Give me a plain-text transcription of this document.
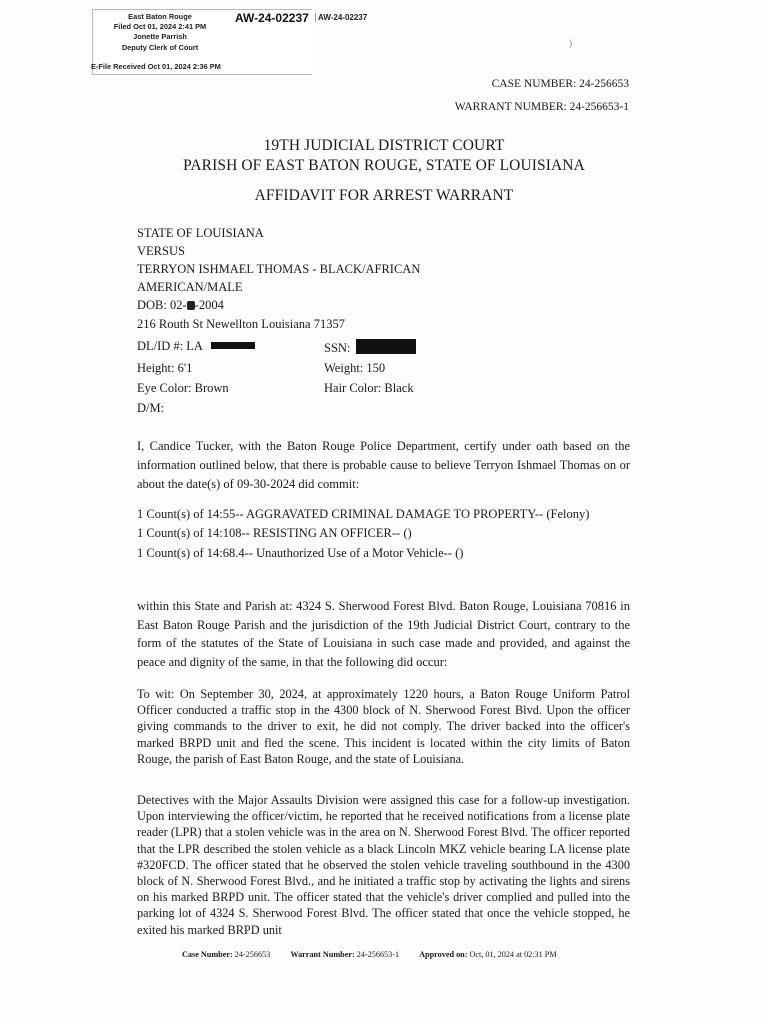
East Baton Rouge
Filed Oct 01, 2024 2:41 PM
Jonette Parrish
Deputy Clerk of Court
E-File Received Oct 01, 2024 2:36 PM
AW-24-02237	AW-24-02237
)
CASE NUMBER: 24-256653
WARRANT NUMBER: 24-256653-1
19TH JUDICIAL DISTRICT COURT
PARISH OF EAST BATON ROUGE, STATE OF LOUISIANA
AFFIDAVIT FOR ARREST WARRANT
STATE OF LOUISIANA
VERSUS
TERRYON ISHMAEL THOMAS - BLACK/AFRICAN
AMERICAN/MALE
DOB: 02- -2004
216 Routh St Newellton Louisiana 71357
DL/ID #: LA	SSN:
Height: 6'1	Weight: 150
Eye Color: Brown	Hair Color: Black
D/M:
I, Candice Tucker, with the Baton Rouge Police Department, certify under oath based on the information outlined below, that there is probable cause to believe Terryon Ishmael Thomas on or about the date(s) of 09-30-2024 did commit:
1 Count(s) of 14:55-- AGGRAVATED CRIMINAL DAMAGE TO PROPERTY-- (Felony)
1 Count(s) of 14:108-- RESISTING AN OFFICER-- ()
1 Count(s) of 14:68.4-- Unauthorized Use of a Motor Vehicle-- ()
within this State and Parish at: 4324 S. Sherwood Forest Blvd. Baton Rouge, Louisiana 70816 in East Baton Rouge Parish and the jurisdiction of the 19th Judicial District Court, contrary to the form of the statutes of the State of Louisiana in such case made and provided, and against the peace and dignity of the same, in that the following did occur:
To wit: On September 30, 2024, at approximately 1220 hours, a Baton Rouge Uniform Patrol Officer conducted a traffic stop in the 4300 block of N. Sherwood Forest Blvd. Upon the officer giving commands to the driver to exit, he did not comply. The driver backed into the officer's marked BRPD unit and fled the scene. This incident is located within the city limits of Baton Rouge, the parish of East Baton Rouge, and the state of Louisiana.
Detectives with the Major Assaults Division were assigned this case for a follow-up investigation. Upon interviewing the officer/victim, he reported that he received notifications from a license plate reader (LPR) that a stolen vehicle was in the area on N. Sherwood Forest Blvd. The officer reported that the LPR described the stolen vehicle as a black Lincoln MKZ vehicle bearing LA license plate #320FCD. The officer stated that he observed the stolen vehicle traveling southbound in the 4300 block of N. Sherwood Forest Blvd., and he initiated a traffic stop by activating the lights and sirens on his marked BRPD unit. The officer stated that the vehicle's driver complied and pulled into the parking lot of 4324 S. Sherwood Forest Blvd. The officer stated that once the vehicle stopped, he exited his marked BRPD unit
Case Number: 24-256653 Warrant Number: 24-256653-1 Approved on: Oct, 01, 2024 at 02:31 PM
